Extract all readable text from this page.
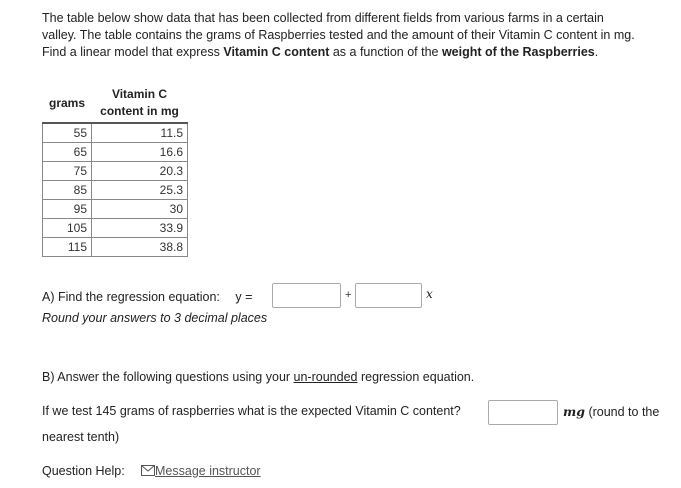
The table below show data that has been collected from different fields from various farms in a certain
valley. The table contains the grams of Raspberries tested and the amount of their Vitamin C content in mg.
Find a linear model that express Vitamin C content as a function of the weight of the Raspberries.
grams	Vitamin C
content in mg

55	11.5
65	16.6
75	20.3
85	25.3
95	30
105	33.9
115	38.8
A) Find the regression equation: y =	+	x
Round your answers to 3 decimal places
B) Answer the following questions using your un-rounded regression equation.
If we test 145 grams of raspberries what is the expected Vitamin C content?	mg (round to the
nearest tenth)
Question Help:	Message instructor
